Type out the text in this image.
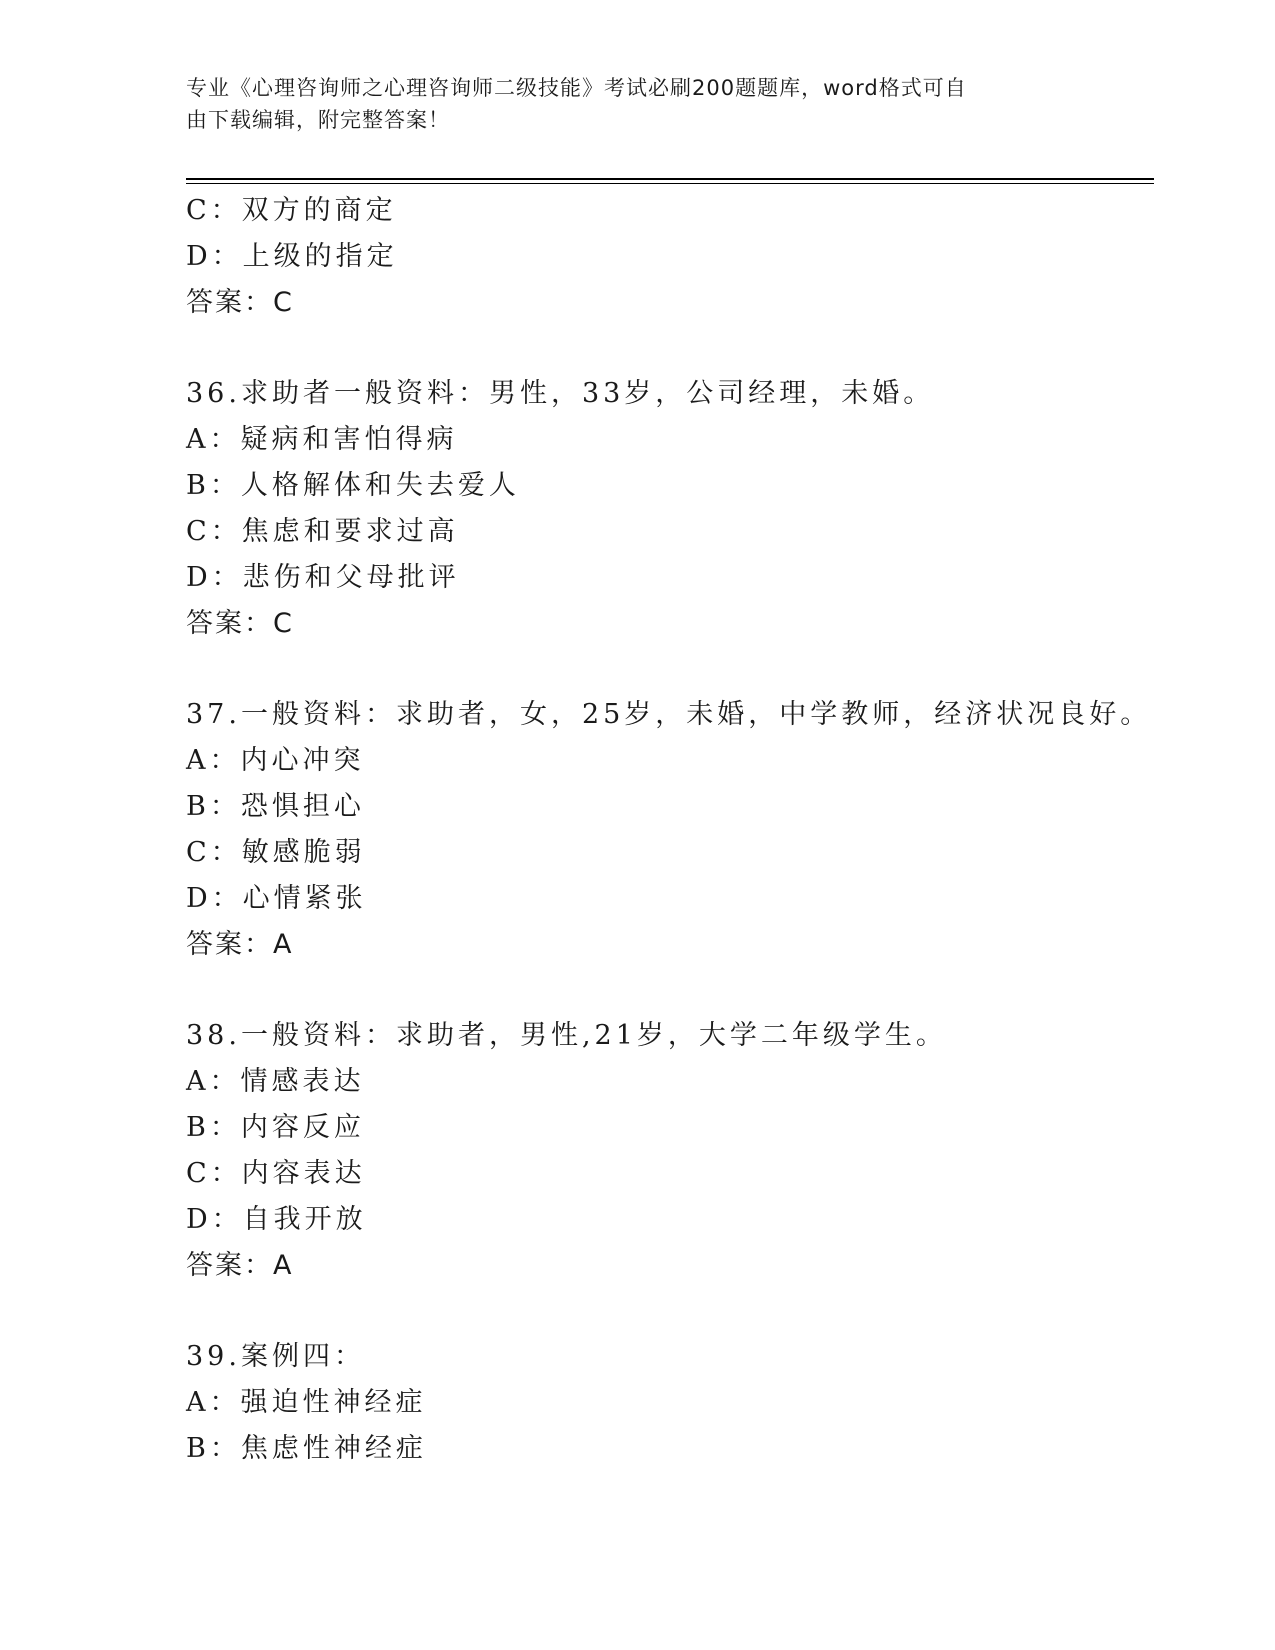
专业《心理咨询师之心理咨询师二级技能》考试必刷200题题库，word格式可自
由下载编辑，附完整答案！
C：双方的商定
D：上级的指定
答案：C
36.求助者一般资料：男性，33岁，公司经理，未婚。
A：疑病和害怕得病
B：人格解体和失去爱人
C：焦虑和要求过高
D：悲伤和父母批评
答案：C
37.一般资料：求助者，女，25岁，未婚，中学教师，经济状况良好。
A：内心冲突
B：恐惧担心
C：敏感脆弱
D：心情紧张
答案：A
38.一般资料：求助者，男性,21岁，大学二年级学生。
A：情感表达
B：内容反应
C：内容表达
D：自我开放
答案：A
39.案例四：
A：强迫性神经症
B：焦虑性神经症
